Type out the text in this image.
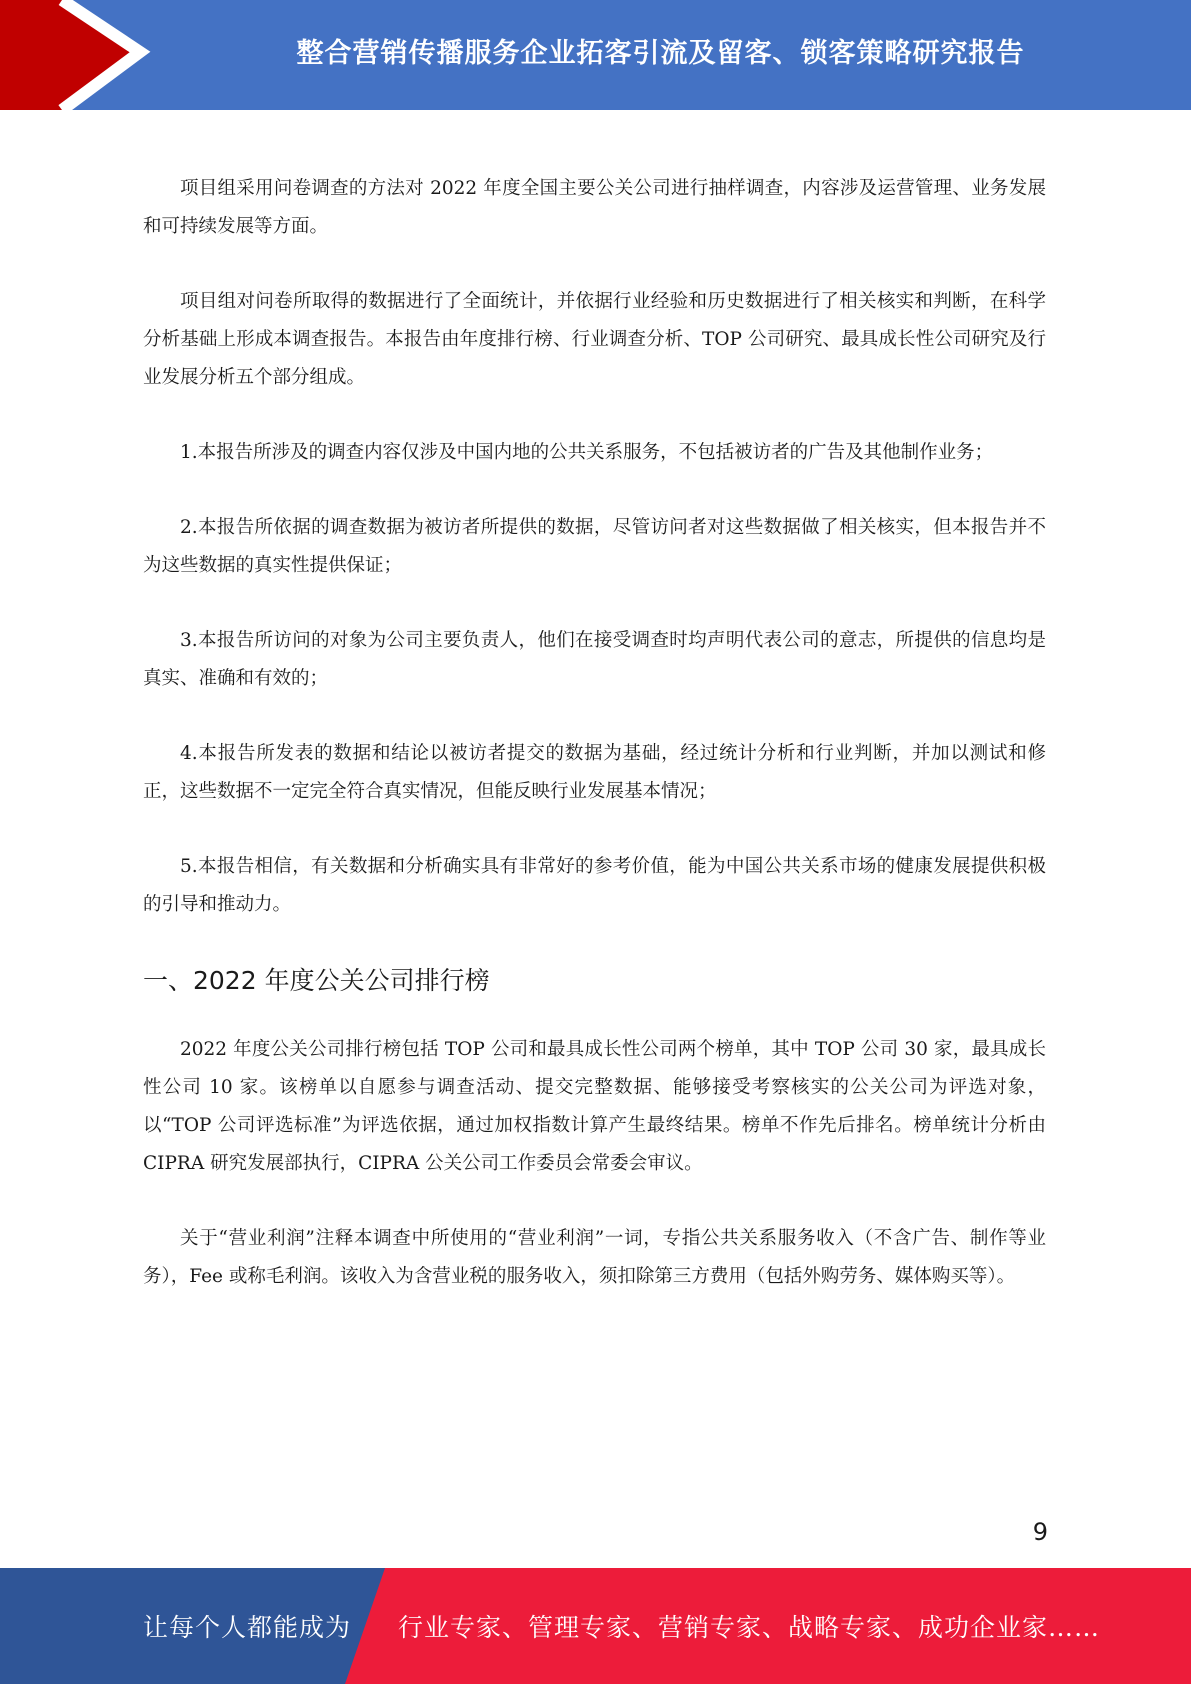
整合营销传播服务企业拓客引流及留客、锁客策略研究报告

项目组采用问卷调查的方法对 2022 年度全国主要公关公司进行抽样调查，内容涉及运营管理、业务发展和可持续发展等方面。

项目组对问卷所取得的数据进行了全面统计，并依据行业经验和历史数据进行了相关核实和判断，在科学分析基础上形成本调查报告。本报告由年度排行榜、行业调查分析、TOP 公司研究、最具成长性公司研究及行业发展分析五个部分组成。

1.本报告所涉及的调查内容仅涉及中国内地的公共关系服务，不包括被访者的广告及其他制作业务；

2.本报告所依据的调查数据为被访者所提供的数据，尽管访问者对这些数据做了相关核实，但本报告并不为这些数据的真实性提供保证；

3.本报告所访问的对象为公司主要负责人，他们在接受调查时均声明代表公司的意志，所提供的信息均是真实、准确和有效的；

4.本报告所发表的数据和结论以被访者提交的数据为基础，经过统计分析和行业判断，并加以测试和修正，这些数据不一定完全符合真实情况，但能反映行业发展基本情况；

5.本报告相信，有关数据和分析确实具有非常好的参考价值，能为中国公共关系市场的健康发展提供积极的引导和推动力。

一、2022 年度公关公司排行榜

2022 年度公关公司排行榜包括 TOP 公司和最具成长性公司两个榜单，其中 TOP 公司 30 家，最具成长性公司 10 家。该榜单以自愿参与调查活动、提交完整数据、能够接受考察核实的公关公司为评选对象，以“TOP 公司评选标准”为评选依据，通过加权指数计算产生最终结果。榜单不作先后排名。榜单统计分析由 CIPRA 研究发展部执行，CIPRA 公关公司工作委员会常委会审议。

关于“营业利润”注释本调查中所使用的“营业利润”一词，专指公共关系服务收入（不含广告、制作等业务），Fee 或称毛利润。该收入为含营业税的服务收入，须扣除第三方费用（包括外购劳务、媒体购买等）。

9
让每个人都能成为 行业专家、管理专家、营销专家、战略专家、成功企业家……
